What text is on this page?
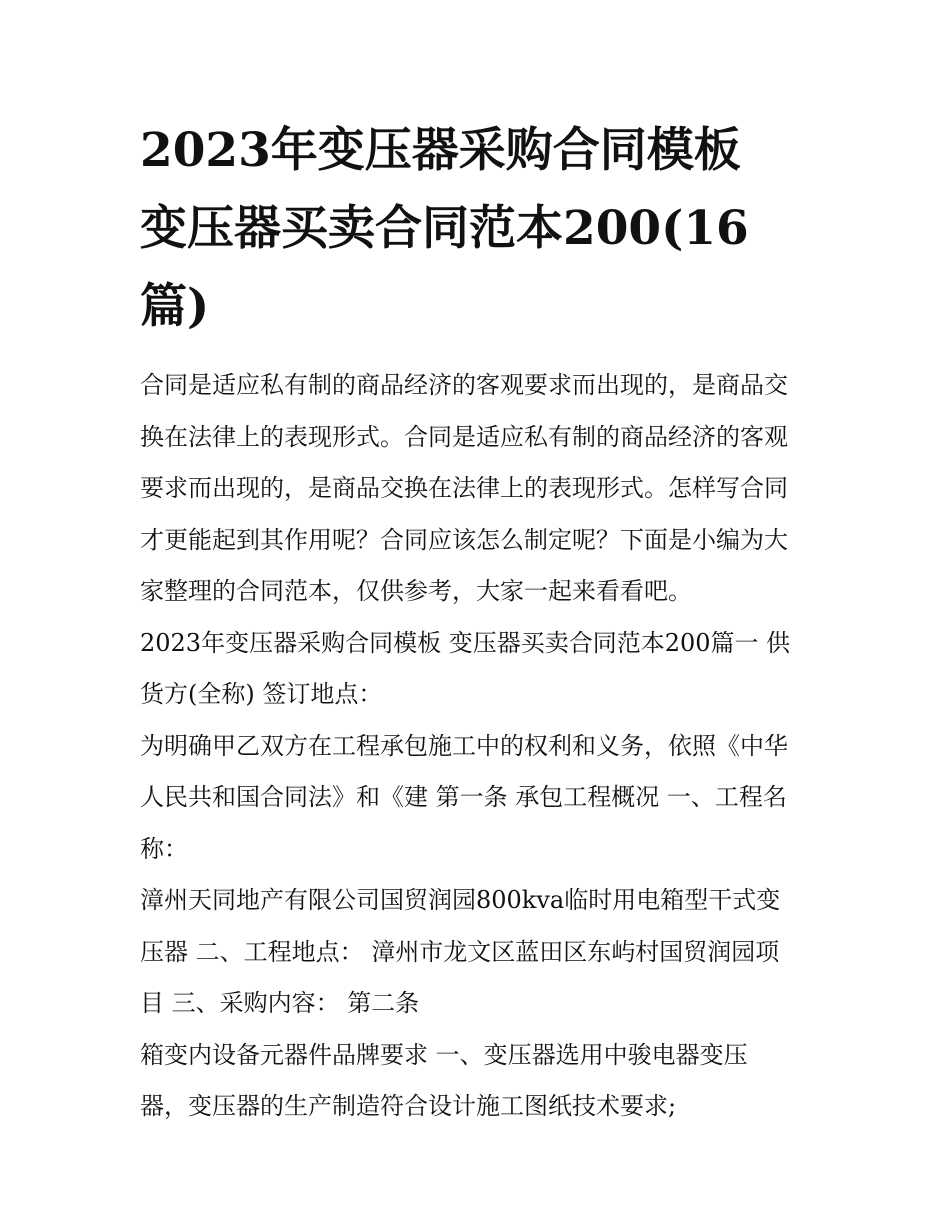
2023年变压器采购合同模板
变压器买卖合同范本200(16
篇)

合同是适应私有制的商品经济的客观要求而出现的，是商品交
换在法律上的表现形式。合同是适应私有制的商品经济的客观
要求而出现的，是商品交换在法律上的表现形式。怎样写合同
才更能起到其作用呢？合同应该怎么制定呢？下面是小编为大
家整理的合同范本，仅供参考，大家一起来看看吧。

2023年变压器采购合同模板 变压器买卖合同范本200篇一 供
货方(全称) 签订地点：

为明确甲乙双方在工程承包施工中的权利和义务，依照《中华
人民共和国合同法》和《建 第一条 承包工程概况 一、工程名
称：

漳州天同地产有限公司国贸润园800kva临时用电箱型干式变
压器 二、工程地点： 漳州市龙文区蓝田区东屿村国贸润园项
目 三、采购内容： 第二条

箱变内设备元器件品牌要求 一、变压器选用中骏电器变压
器，变压器的生产制造符合设计施工图纸技术要求;
